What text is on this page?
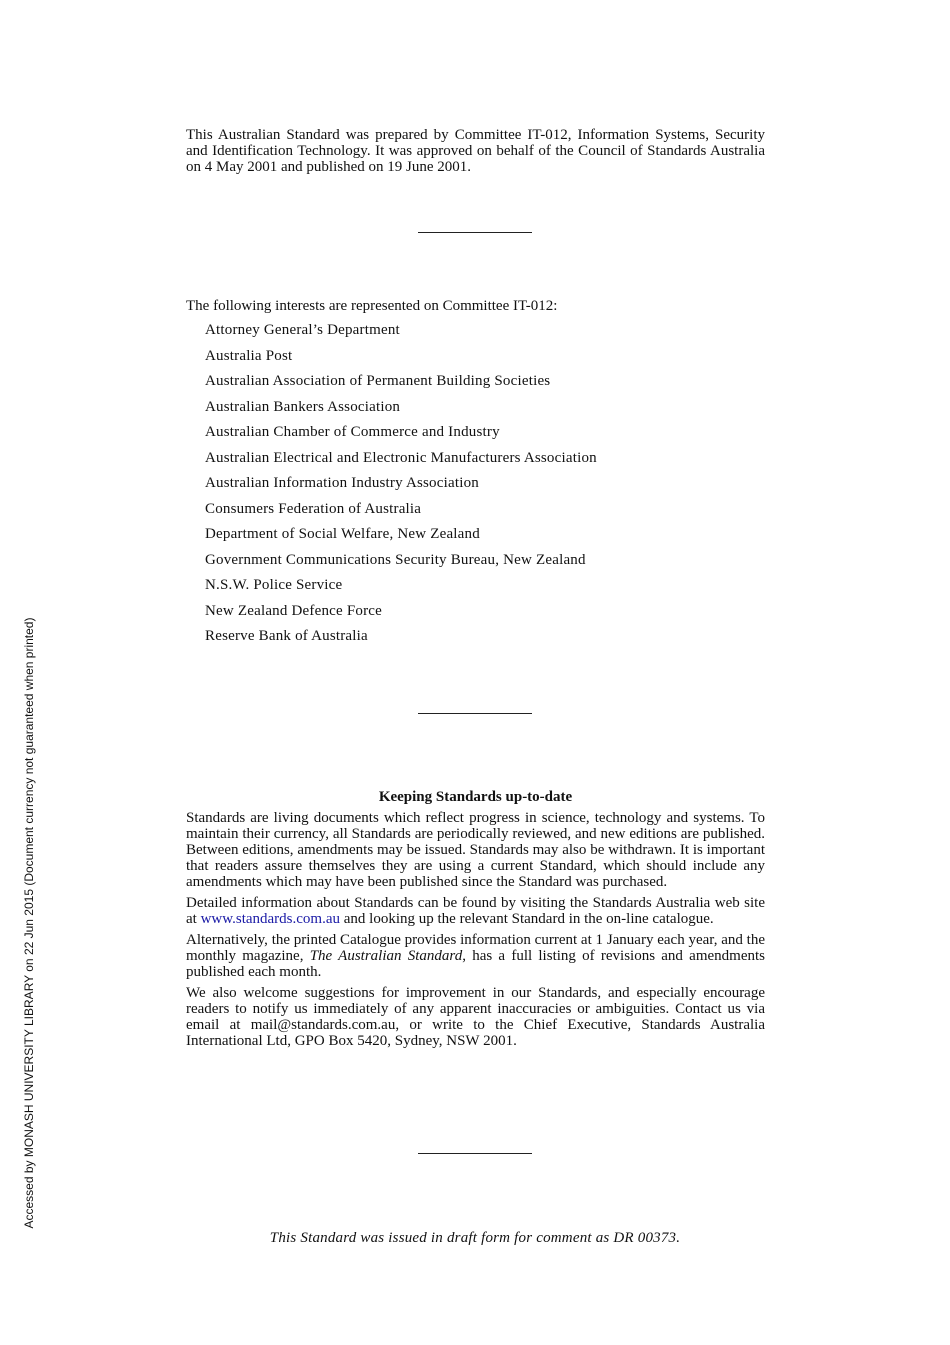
This Australian Standard was prepared by Committee IT-012, Information Systems, Security and Identification Technology. It was approved on behalf of the Council of Standards Australia on 4 May 2001 and published on 19 June 2001.
The following interests are represented on Committee IT-012:
Attorney General’s Department
Australia Post
Australian Association of Permanent Building Societies
Australian Bankers Association
Australian Chamber of Commerce and Industry
Australian Electrical and Electronic Manufacturers Association
Australian Information Industry Association
Consumers Federation of Australia
Department of Social Welfare, New Zealand
Government Communications Security Bureau, New Zealand
N.S.W. Police Service
New Zealand Defence Force
Reserve Bank of Australia
Keeping Standards up-to-date

Standards are living documents which reflect progress in science, technology and systems. To maintain their currency, all Standards are periodically reviewed, and new editions are published. Between editions, amendments may be issued. Standards may also be withdrawn. It is important that readers assure themselves they are using a current Standard, which should include any amendments which may have been published since the Standard was purchased.

Detailed information about Standards can be found by visiting the Standards Australia web site at www.standards.com.au and looking up the relevant Standard in the on-line catalogue.

Alternatively, the printed Catalogue provides information current at 1 January each year, and the monthly magazine, The Australian Standard, has a full listing of revisions and amendments published each month.

We also welcome suggestions for improvement in our Standards, and especially encourage readers to notify us immediately of any apparent inaccuracies or ambiguities. Contact us via email at mail@standards.com.au, or write to the Chief Executive, Standards Australia International Ltd, GPO Box 5420, Sydney, NSW 2001.

This Standard was issued in draft form for comment as DR 00373.
Accessed by MONASH UNIVERSITY LIBRARY on 22 Jun 2015 (Document currency not guaranteed when printed)
